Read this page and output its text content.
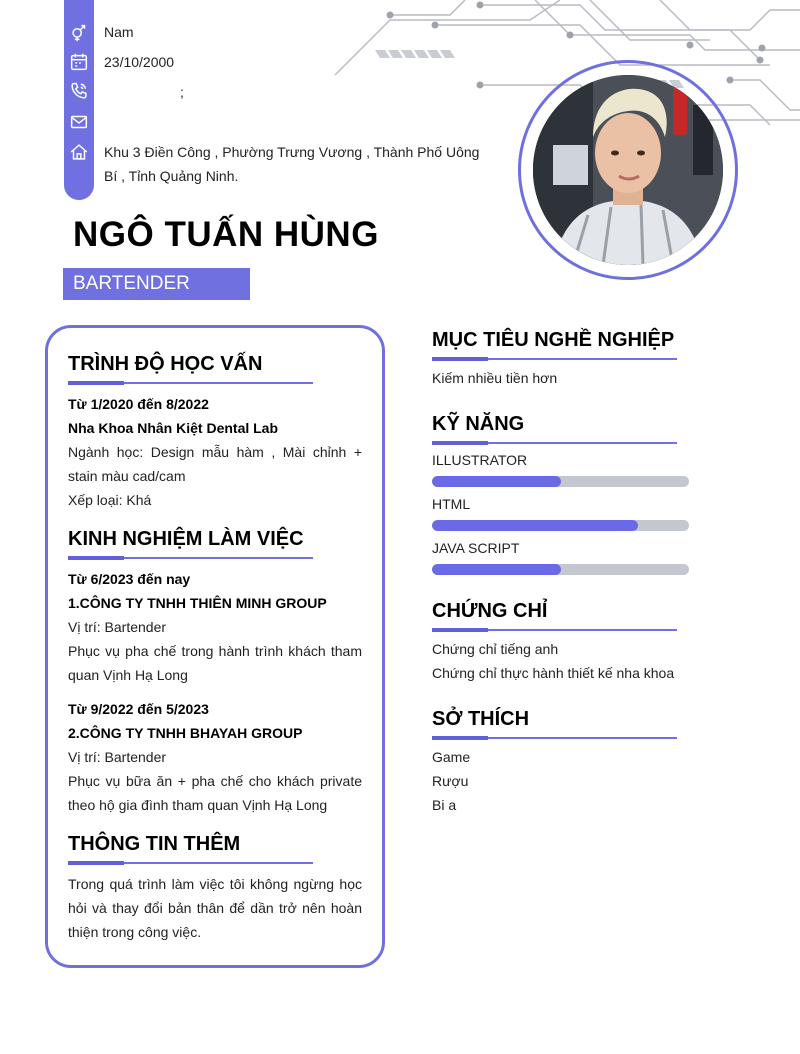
Nam
23/10/2000
;
Khu 3 Điền Công , Phường Trưng Vương , Thành Phố Uông
Bí , Tỉnh Quảng Ninh.
NGÔ TUẤN HÙNG
BARTENDER
TRÌNH ĐỘ HỌC VẤN
Từ 1/2020 đến 8/2022
Nha Khoa Nhân Kiệt Dental Lab
Ngành học: Design mẫu hàm , Mài chỉnh + stain màu cad/cam
Xếp loại: Khá
KINH NGHIỆM LÀM VIỆC
Từ 6/2023 đến nay
1.CÔNG TY TNHH THIÊN MINH GROUP
Vị trí: Bartender
Phục vụ pha chế trong hành trình khách tham quan Vịnh Hạ Long
Từ 9/2022 đến 5/2023
2.CÔNG TY TNHH BHAYAH GROUP
Vị trí: Bartender
Phục vụ bữa ăn + pha chế cho khách private theo hộ gia đình tham quan Vịnh Hạ Long
THÔNG TIN THÊM
Trong quá trình làm việc tôi không ngừng học hỏi và thay đổi bản thân để dần trở nên hoàn thiện trong công việc.
MỤC TIÊU NGHỀ NGHIỆP
Kiếm nhiều tiền hơn
KỸ NĂNG
ILLUSTRATOR
HTML
JAVA SCRIPT
CHỨNG CHỈ
Chứng chỉ tiếng anh
Chứng chỉ thực hành thiết kế nha khoa
SỞ THÍCH
Game
Rượu
Bi a
